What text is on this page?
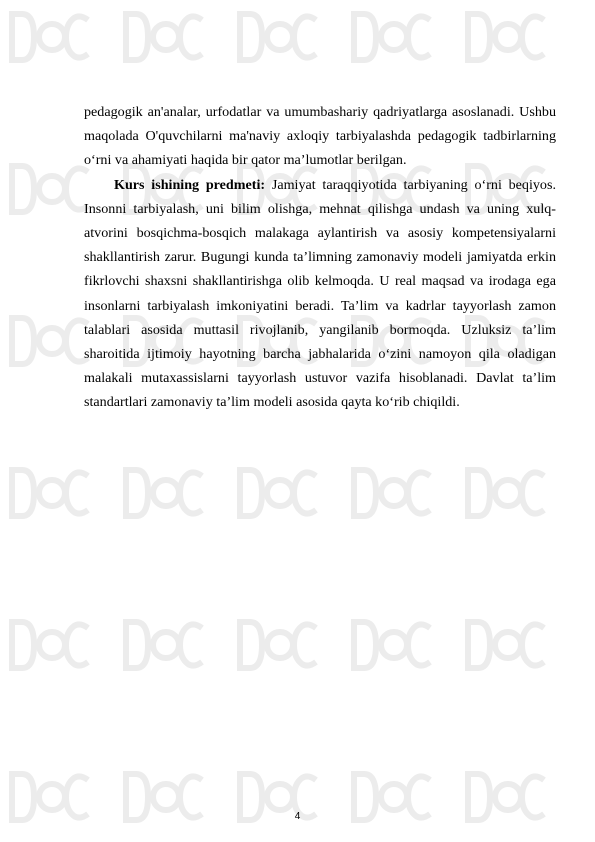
pedagogik an'analar, urfodatlar va umumbashariy qadriyatlarga asoslanadi. Ushbu maqolada O'quvchilarni ma'naviy axloqiy tarbiyalashda pedagogik tadbirlarning o‘rni va ahamiyati haqida bir qator ma’lumotlar berilgan.

Kurs ishining predmeti: Jamiyat taraqqiyotida tarbiyaning o‘rni beqiyos. Insonni tarbiyalash, uni bilim olishga, mehnat qilishga undash va uning xulq-atvorini bosqichma-bosqich malakaga aylantirish va asosiy kompetensiyalarni shakllantirish zarur. Bugungi kunda ta’limning zamonaviy modeli jamiyatda erkin fikrlovchi shaxsni shakllantirishga olib kelmoqda. U real maqsad va irodaga ega insonlarni tarbiyalash imkoniyatini beradi. Ta’lim va kadrlar tayyorlash zamon talablari asosida muttasil rivojlanib, yangilanib bormoqda. Uzluksiz ta’lim sharoitida ijtimoiy hayotning barcha jabhalarida o‘zini namoyon qila oladigan malakali mutaxassislarni tayyorlash ustuvor vazifa hisoblanadi. Davlat ta’lim standartlari zamonaviy ta’lim modeli asosida qayta ko‘rib chiqildi.

4
